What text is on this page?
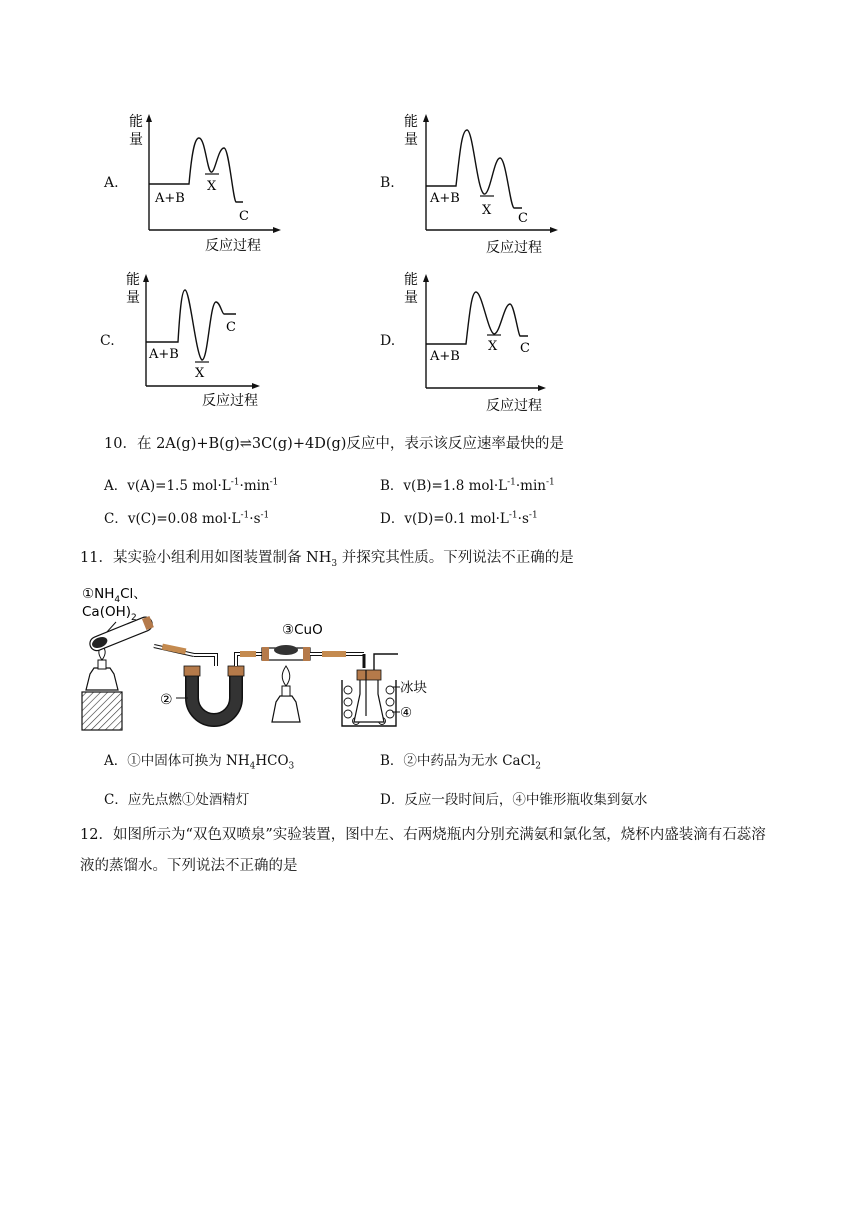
A.
能
量
A+B
X
C
反应过程
B.
能
量
A+B
X
C
反应过程
C.
能
量
A+B
X
C
反应过程
D.
能
量
A+B
X C
反应过程
10．在 2A(g)+B(g)⇌3C(g)+4D(g)反应中，表示该反应速率最快的是
A．v(A)=1.5 $mol\cdot L^{-1}\cdot\min^{-1}$	B．v(B)=1.8 $mol\cdot L^{-1}\cdot\min^{-1}$
C．v(C)=0.08 $mol\cdot L^{-1}\cdot s^{-1}$	D．v(D)=0.1 $mol\cdot L^{-1}\cdot s^{-1}$
11．某实验小组利用如图装置制备 $NH_3$ 并探究其性质。下列说法不正确的是
$①NH_4Cl$、
$Ca(OH)_2$
②
③CuO
冰块
④
A．①中固体可换为 $NH_4HCO_3$	B．②中药品为无水 CaCl$_2$
C．应先点燃①处酒精灯	D．反应一段时间后，④中锥形瓶收集到氨水
12．如图所示为“双色双喷泉”实验装置，图中左、右两烧瓶内分别充满氨和氯化氢，烧杯内盛装滴有石蕊溶
液的蒸馏水。下列说法不正确的是
